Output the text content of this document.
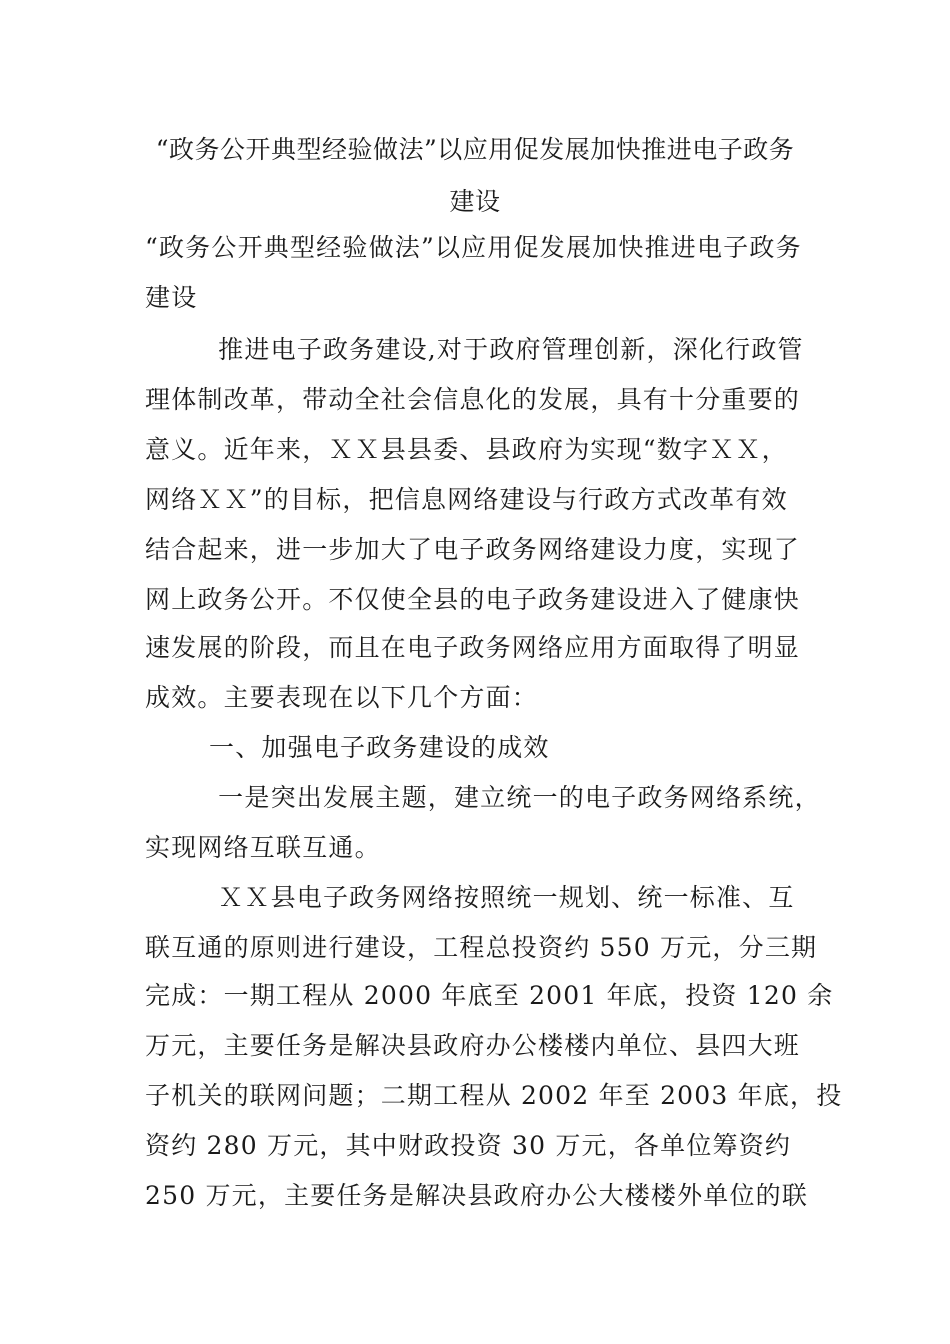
“政务公开典型经验做法”以应用促发展加快推进电子政务
建设
“政务公开典型经验做法”以应用促发展加快推进电子政务
建设
推进电子政务建设,对于政府管理创新，深化行政管
理体制改革，带动全社会信息化的发展，具有十分重要的
意义。近年来，ＸＸ县县委、县政府为实现“数字ＸＸ，
网络ＸＸ”的目标，把信息网络建设与行政方式改革有效
结合起来，进一步加大了电子政务网络建设力度，实现了
网上政务公开。不仅使全县的电子政务建设进入了健康快
速发展的阶段，而且在电子政务网络应用方面取得了明显
成效。主要表现在以下几个方面：
一、加强电子政务建设的成效
一是突出发展主题，建立统一的电子政务网络系统，
实现网络互联互通。
ＸＸ县电子政务网络按照统一规划、统一标准、互
联互通的原则进行建设，工程总投资约 550 万元，分三期
完成：一期工程从 2000 年底至 2001 年底，投资 120 余
万元，主要任务是解决县政府办公楼楼内单位、县四大班
子机关的联网问题；二期工程从 2002 年至 2003 年底，投
资约 280 万元，其中财政投资 30 万元，各单位筹资约
250 万元，主要任务是解决县政府办公大楼楼外单位的联
